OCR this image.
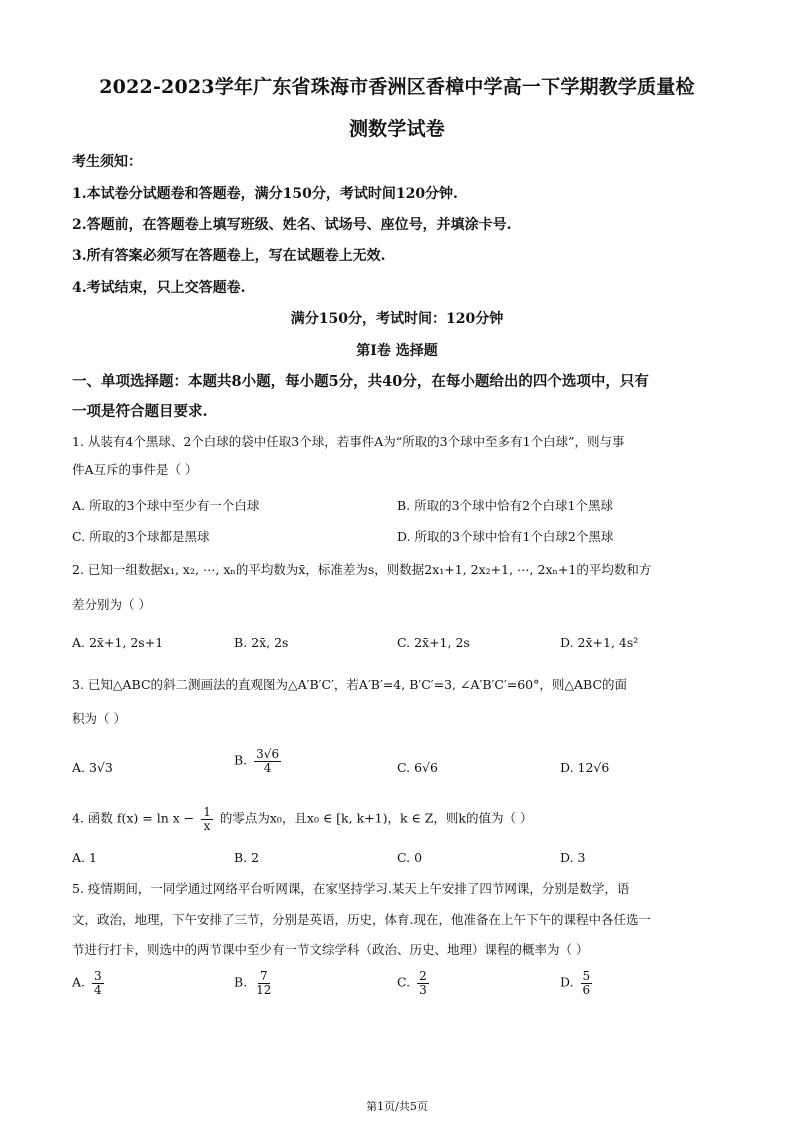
2022-2023学年广东省珠海市香洲区香樟中学高一下学期教学质量检
测数学试卷
考生须知：
1.本试卷分试题卷和答题卷，满分150分，考试时间120分钟.
2.答题前，在答题卷上填写班级、姓名、试场号、座位号，并填涂卡号.
3.所有答案必须写在答题卷上，写在试题卷上无效.
4.考试结束，只上交答题卷.
满分150分，考试时间：120分钟
第I卷 选择题
一、单项选择题：本题共8小题，每小题5分，共40分，在每小题给出的四个选项中，只有
一项是符合题目要求.
1. 从装有4个黑球、2个白球的袋中任取3个球，若事件A为“所取的3个球中至多有1个白球”，则与事
件A互斥的事件是（ ）
A. 所取的3个球中至少有一个白球	B. 所取的3个球中恰有2个白球1个黑球
C. 所取的3个球都是黑球	D. 所取的3个球中恰有1个白球2个黑球
2. 已知一组数据x₁, x₂, ⋯, xₙ的平均数为x̄，标准差为s，则数据2x₁+1, 2x₂+1, ⋯, 2xₙ+1的平均数和方
差分别为（ ）
A. 2x̄+1, 2s+1	B. 2x̄, 2s	C. 2x̄+1, 2s	D. 2x̄+1, 4s²
3. 已知△ABC的斜二测画法的直观图为△A′B′C′，若A′B′=4, B′C′=3, ∠A′B′C′=60°，则△ABC的面
积为（ ）
A. 3√3	B. $\frac{3√6}{4}$	C. 6√6	D. 12√6
4. 函数 $f(x) = \ln x - \frac{1}{x}$ 的零点为x₀，且x₀ ∈ [k, k+1)，k ∈ Z，则k的值为（ ）
A. 1	B. 2	C. 0	D. 3
5. 疫情期间，一同学通过网络平台听网课，在家坚持学习.某天上午安排了四节网课，分别是数学，语
文，政治，地理，下午安排了三节，分别是英语，历史，体育.现在，他准备在上午下午的课程中各任选一
节进行打卡，则选中的两节课中至少有一节文综学科（政治、历史、地理）课程的概率为（ ）
A. $\frac{3}{4}$	B. $\frac{7}{12}$	C. $\frac{2}{3}$	D. $\frac{5}{6}$
第1页/共5页
